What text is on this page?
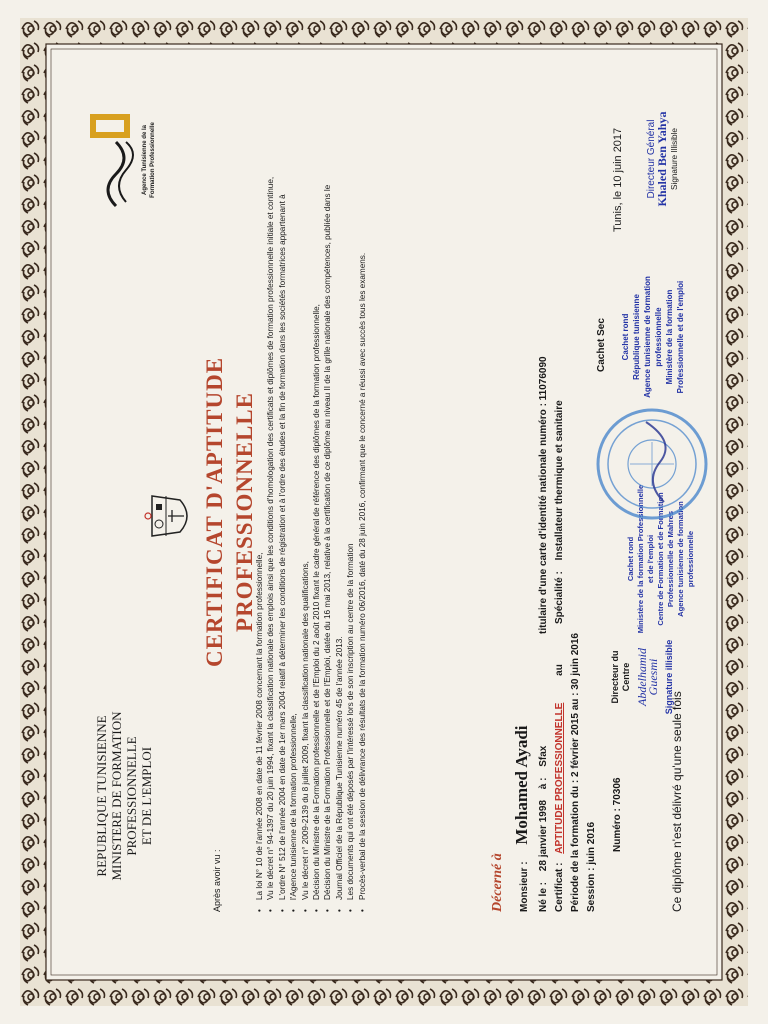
REPUBLIQUE TUNISIENNE MINISTERE DE FORMATION PROFESSIONNELLE ET DE L'EMPLOI
Agence Tunisienne de la Formation Professionnelle
CERTIFICAT D'APTITUDE PROFESSIONNELLE
Après avoir vu :	• La loi N° 10 de l'année 2008 en date de 11 février 2008 concernant la formation professionnelle, • Vu le décret n° 94-1397 du 20 juin 1994, fixant la classification nationale des emplois ainsi que les conditions d'homologation des certificats et diplômes de formation professionnelle initiale et continue, • L'ordre N° 512 de l'année 2004 en date de 1er mars 2004 relatif à déterminer les conditions de régistration et à l'ordre des études et la fin de formation dans les sociétés formatrices appartenant à • l'Agence tunisienne de la formation professionnelle, • Vu le décret n° 2009-2139 du 8 juillet 2009, fixant la classification nationale des qualifications, • Décision du Ministre de la Formation professionnelle et de l'Emploi du 2 août 2010 fixant le cadre général de référence des diplômes de la formation professionnelle, • Décision du Ministre de la Formation Professionnelle et de l'Emploi, datée du 16 mai 2013, relative à la certification de ce diplôme au niveau II de la grille nationale des compétences, publiée dans le • Journal Officiel de la République Tunisienne numéro 45 de l'année 2013. • Les documents qui ont été déposés par l'intéressé lors de son inscription au centre de la formation • Procès-verbal de la session de délivrance des résultats de la formation numéro 06/2016, daté du 28 juin 2016, confirmant que le concerné a réussi avec succès tous les examens.	Décerné à	Monsieur : Mohamed Ayadi
Né le : 28 janvier 1998 à : Sfax
titulaire d'une carte d'identité nationale numéro : 11076090
Certificat : APTITUDE PROFESSIONNELLE au
Spécialité : Installateur thermique et sanitaire
Période de la formation du : 2 février 2015 au : 30 juin 2016 Session : juin 2016
Numéro : 70306
Directeur du Centre Abdelhamid
Guesmi Signature illisible
Cachet rond Ministère de la formation Professionnelle et de l'emploi Centre de Formation et de Formation Professionnelle de Mahres Agence tunisienne de formation professionnelle
Cachet Sec Cachet rond République tunisienne Agence tunisienne de formation professionnelle Ministère de la formation Professionnelle et de l'emploi
Tunis, le 10 juin 2017 Directeur Général
Khaled Ben Yahya Signature Illisible
Ce diplôme n'est délivré qu'une seule fois
